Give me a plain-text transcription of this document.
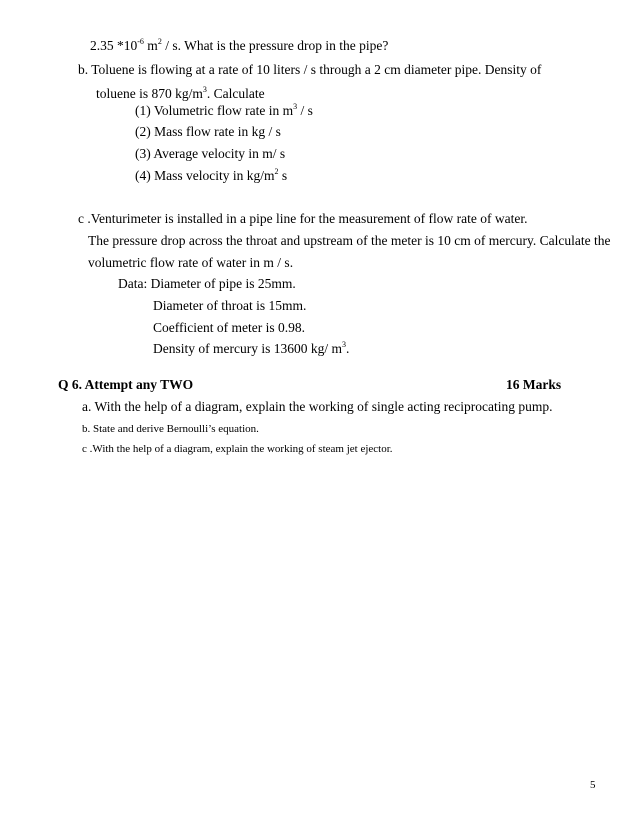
2.35 $*10^{-6}$ $m^2$ / s. What is the pressure drop in the pipe?
b. Toluene is flowing at a rate of 10 liters / s through a 2 cm diameter pipe. Density of
toluene is 870 $kg/m^3$. Calculate
(1) Volumetric flow rate in $m^3$ / s
(2) Mass flow rate in kg / s
(3) Average velocity in m/ s
(4) Mass velocity in $kg/m^2$ s
c .Venturimeter is installed in a pipe line for the measurement of flow rate of water.
The pressure drop across the throat and upstream of the meter is 10 cm of mercury. Calculate the
volumetric flow rate of water in m / s.
Data: Diameter of pipe is 25mm.
Diameter of throat is 15mm.
Coefficient of meter is 0.98.
Density of mercury is 13600 kg/ $m^3$.
Q 6. Attempt any TWO	16 Marks
a. With the help of a diagram, explain the working of single acting reciprocating pump.
b. State and derive Bernoulli’s equation.
c .With the help of a diagram, explain the working of steam jet ejector.
5
